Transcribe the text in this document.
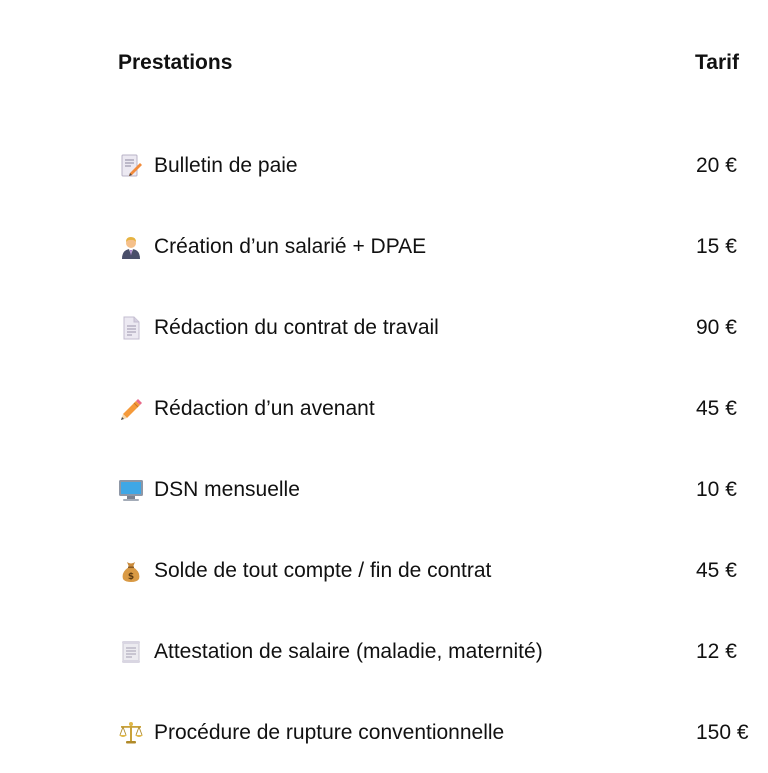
Prestations	Tarif
Bulletin de paie	20 €
Création d’un salarié + DPAE	15 €
Rédaction du contrat de travail	90 €
Rédaction d’un avenant	45 €
DSN mensuelle	10 €
$ Solde de tout compte / fin de contrat	45 €
Attestation de salaire (maladie, maternité)	12 €
Procédure de rupture conventionnelle	150 €
